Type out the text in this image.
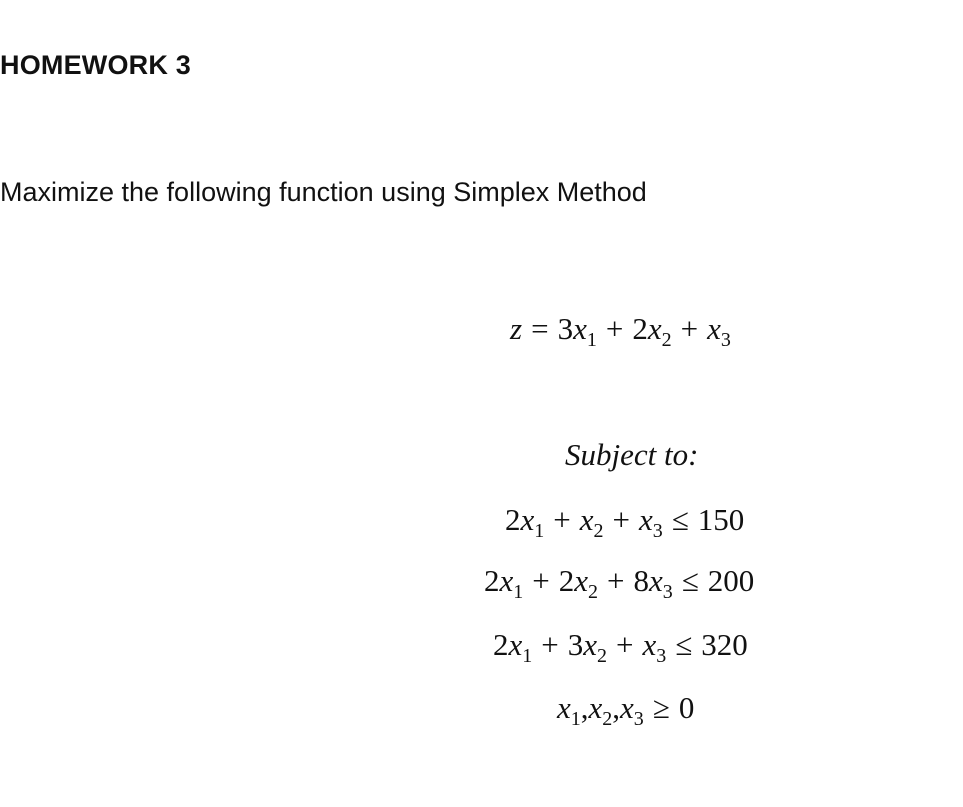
HOMEWORK 3

Maximize the following function using Simplex Method

$z = 3x_1 + 2x_2 + x_3$
Subject to:
$2x_1 + x_2 + x_3 \le 150$
$2x_1 + 2x_2 + 8x_3 \le 200$
$2x_1 + 3x_2 + x_3 \le 320$
$x_1,x_2,x_3 \ge 0$
